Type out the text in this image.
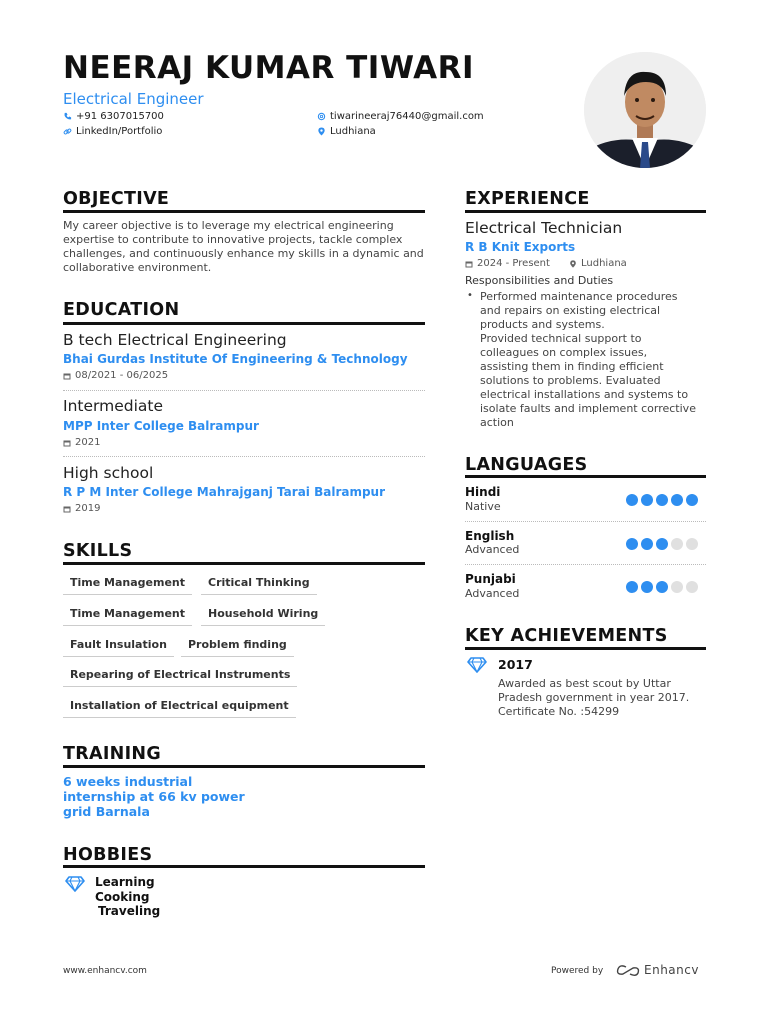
NEERAJ KUMAR TIWARI
Electrical Engineer
+91 6307015700	tiwarineeraj76440@gmail.com
LinkedIn/Portfolio	Ludhiana
OBJECTIVE
My career objective is to leverage my electrical engineering expertise to contribute to innovative projects, tackle complex challenges, and continuously enhance my skills in a dynamic and collaborative environment.
EDUCATION
B tech Electrical Engineering
Bhai Gurdas Institute Of Engineering & Technology
08/2021 - 06/2025
Intermediate
MPP Inter College Balrampur
2021
High school
R P M Inter College Mahrajganj Tarai Balrampur
2019
SKILLS
Time Management	Critical Thinking
Time Management	Household Wiring
Fault Insulation	Problem finding
Repearing of Electrical Instruments
Installation of Electrical equipment
TRAINING
6 weeks industrial
internship at 66 kv power
grid Barnala
HOBBIES
Learning
Cooking
Traveling
EXPERIENCE
Electrical Technician
R B Knit Exports
2024 - Present	Ludhiana
Responsibilities and Duties
• Performed maintenance procedures
and repairs on existing electrical
products and systems.
Provided technical support to
colleagues on complex issues,
assisting them in finding efficient
solutions to problems. Evaluated
electrical installations and systems to
isolate faults and implement corrective
action
LANGUAGES
Hindi
Native
English
Advanced
Punjabi
Advanced
KEY ACHIEVEMENTS
2017
Awarded as best scout by Uttar
Pradesh government in year 2017.
Certificate No. :54299
www.enhancv.com	Powered by	Enhancv
